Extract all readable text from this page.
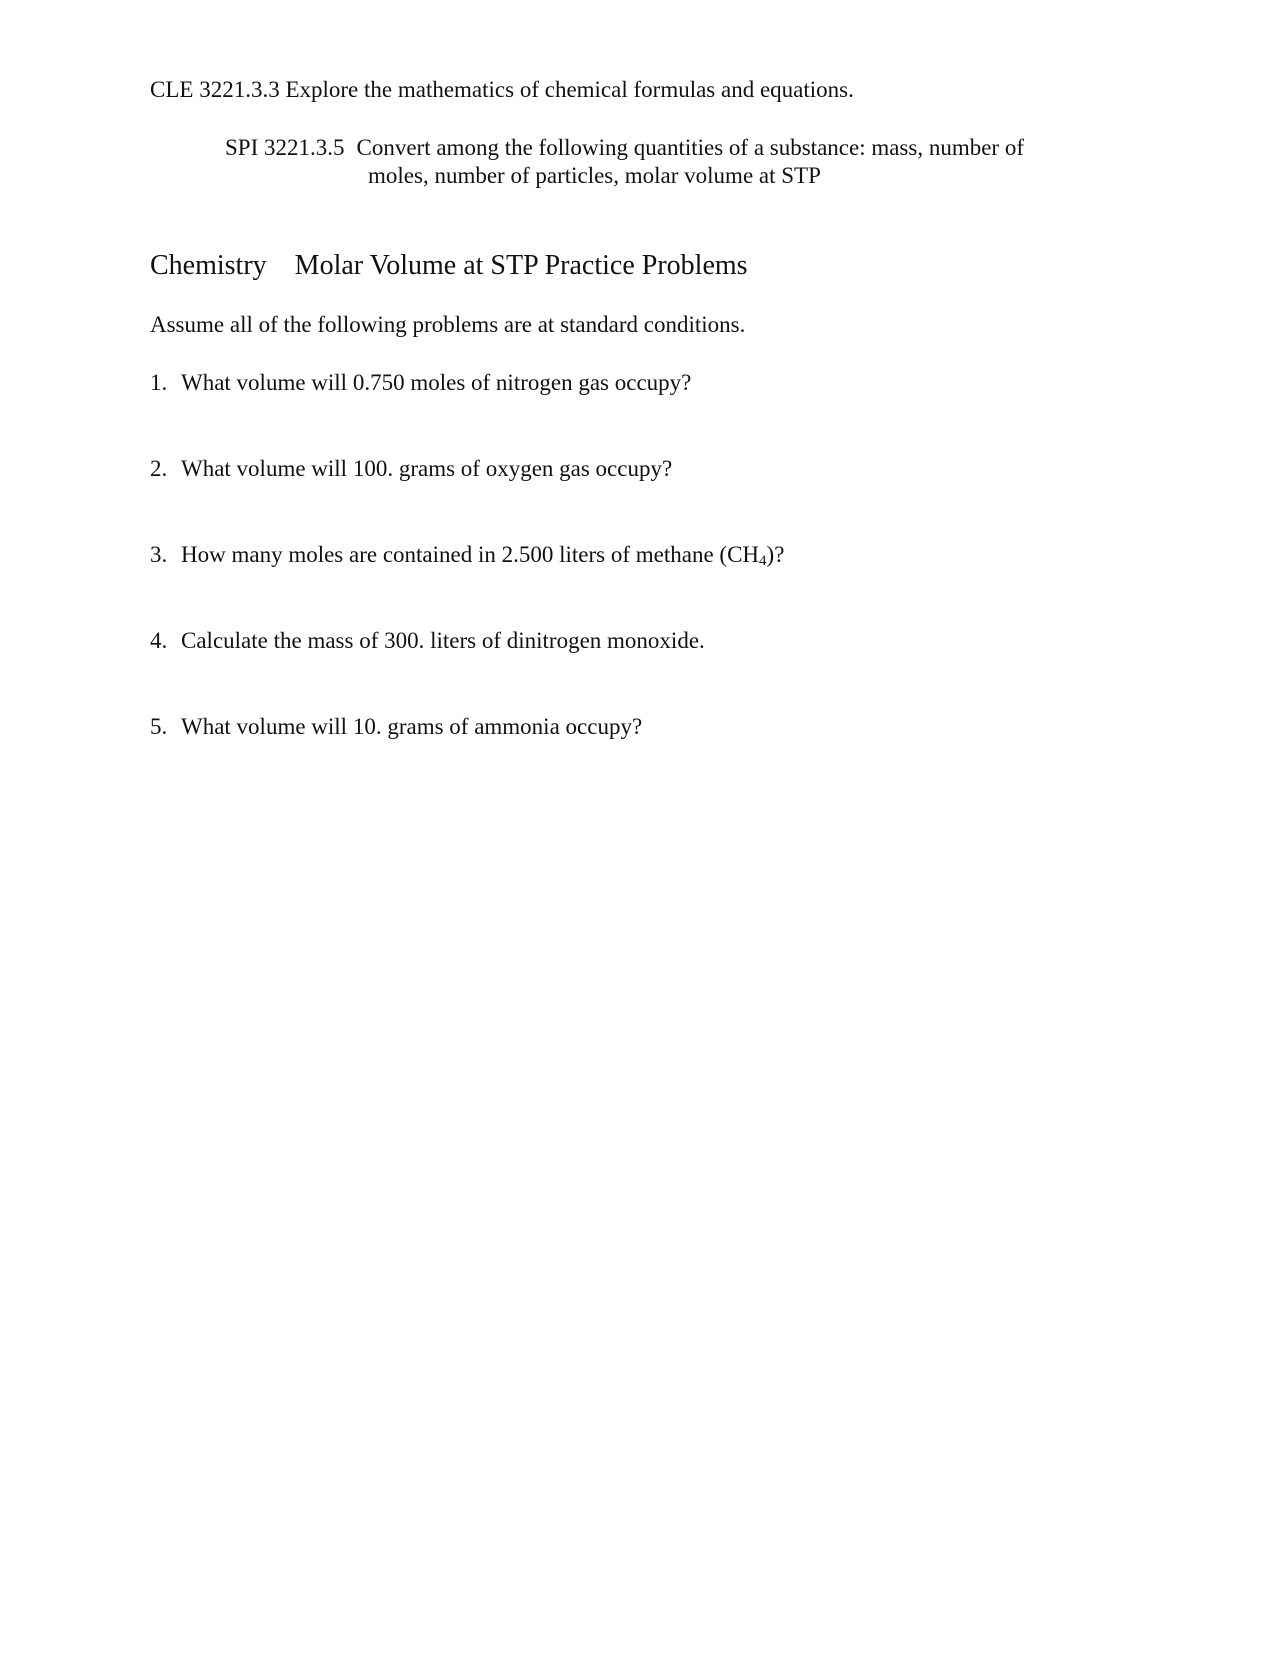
CLE 3221.3.3 Explore the mathematics of chemical formulas and equations.
SPI 3221.3.5 Convert among the following quantities of a substance: mass, number of
moles, number of particles, molar volume at STP
Chemistry Molar Volume at STP Practice Problems
Assume all of the following problems are at standard conditions.
1. What volume will 0.750 moles of nitrogen gas occupy?
2. What volume will 100. grams of oxygen gas occupy?
3. How many moles are contained in 2.500 liters of methane $(CH_4)$?
4. Calculate the mass of 300. liters of dinitrogen monoxide.
5. What volume will 10. grams of ammonia occupy?
